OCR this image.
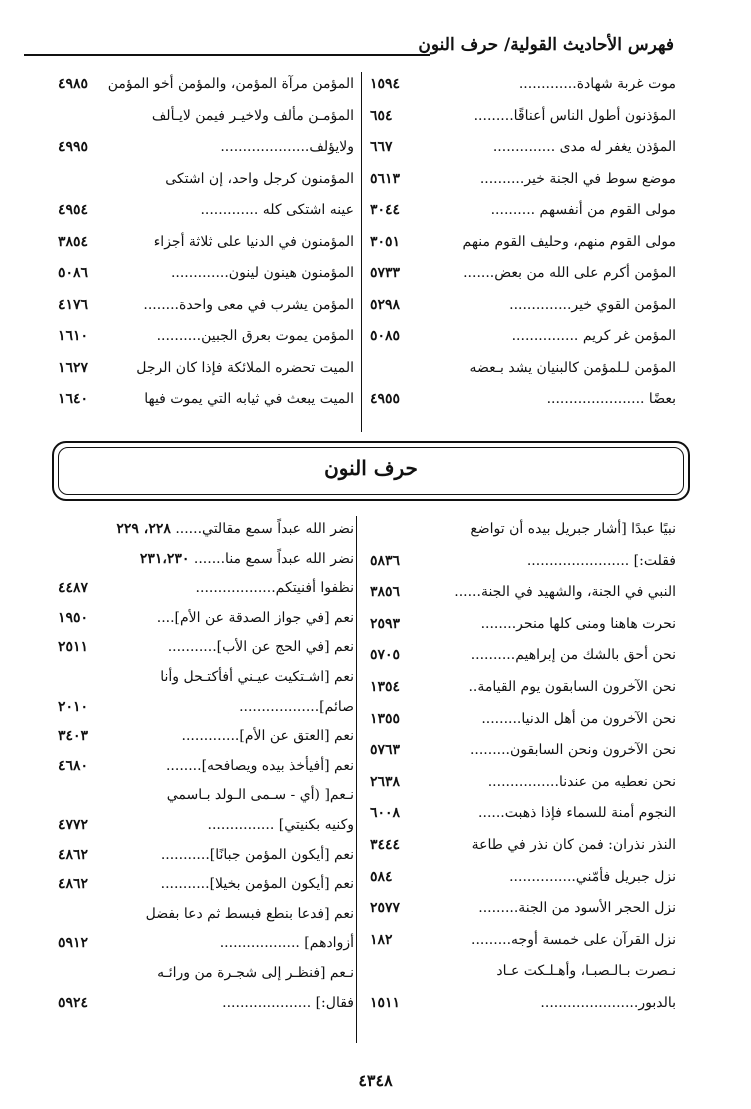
فهرس الأحاديث القولية/ حرف النون
موت غربة شهادة.............
١٥٩٤
المؤذنون أطول الناس أعناقًا.........
٦٥٤
المؤذن يغفر له مدى ..............
٦٦٧
موضع سوط في الجنة خير..........
٥٦١٣
مولى القوم من أنفسهم ..........
٣٠٤٤
مولى القوم منهم، وحليف القوم منهم
٣٠٥١
المؤمن أكرم على الله من بعض.......
٥٧٣٣
المؤمن القوي خير..............
٥٢٩٨
المؤمن غر كريم ...............
٥٠٨٥
المؤمن لـلمؤمن كالبنيان يشد بـعضه
بعضًا ......................
٤٩٥٥
المؤمن مرآة المؤمن، والمؤمن أخو المؤمن
٤٩٨٥
المؤمـن مألف ولاخيـر فيمن لايـألف
ولايؤلف....................
٤٩٩٥
المؤمنون كرجل واحد، إن اشتكى
عينه اشتكى كله .............
٤٩٥٤
المؤمنون في الدنيا على ثلاثة أجزاء
٣٨٥٤
المؤمنون هينون لينون.............
٥٠٨٦
المؤمن يشرب في معى واحدة........
٤١٧٦
المؤمن يموت بعرق الجبين..........
١٦١٠
الميت تحضره الملائكة فإذا كان الرجل
١٦٢٧
الميت يبعث في ثيابه التي يموت فيها
١٦٤٠
حرف النون
نبيًا عبدًا [أشار جبريل بيده أن تواضع
فقلت:] .......................
٥٨٣٦
النبي في الجنة، والشهيد في الجنة......
٣٨٥٦
نحرت هاهنا ومنى كلها منحر........
٢٥٩٣
نحن أحق بالشك من إبراهيم..........
٥٧٠٥
نحن الآخرون السابقون يوم القيامة..
١٣٥٤
نحن الآخرون من أهل الدنيا.........
١٣٥٥
نحن الآخرون ونحن السابقون.........
٥٧٦٣
نحن نعطيه من عندنا................
٢٦٣٨
النجوم أمنة للسماء فإذا ذهبت......
٦٠٠٨
النذر نذران: فمن كان نذر في طاعة
٣٤٤٤
نزل جبريل فأمّني...............
٥٨٤
نزل الحجر الأسود من الجنة.........
٢٥٧٧
نزل القرآن على خمسة أوجه.........
١٨٢
نـصرت بـالـصبـا، وأهـلـكت عـاد
بالدبور......................
١٥١١
نضر الله عبداً سمع مقالتي...... ٢٢٨، ٢٢٩
نضر الله عبداً سمع منا....... ٢٣١،٢٣٠
نظفوا أفنيتكم..................
٤٤٨٧
نعم [في جواز الصدقة عن الأم]....
١٩٥٠
نعم [في الحج عن الأب]...........
٢٥١١
نعم [اشـتكيت عيـني أفأكتـحل وأنا
صائم]..................
٢٠١٠
نعم [العتق عن الأم].............
٣٤٠٣
نعم [أفيأخذ بيده ويصافحه]........
٤٦٨٠
نـعم[ (أي - سـمى الـولد بـاسمي
وكنيه بكنيتي] ...............
٤٧٧٢
نعم [أيكون المؤمن جبانًا]...........
٤٨٦٢
نعم [أيكون المؤمن بخيلا]...........
٤٨٦٢
نعم [فدعا بنطع فبسط ثم دعا بفضل
أزوادهم] ..................
٥٩١٢
نـعم [فنظـر إلى شجـرة من ورائـه
فقال:] ....................
٥٩٢٤
٤٣٤٨
